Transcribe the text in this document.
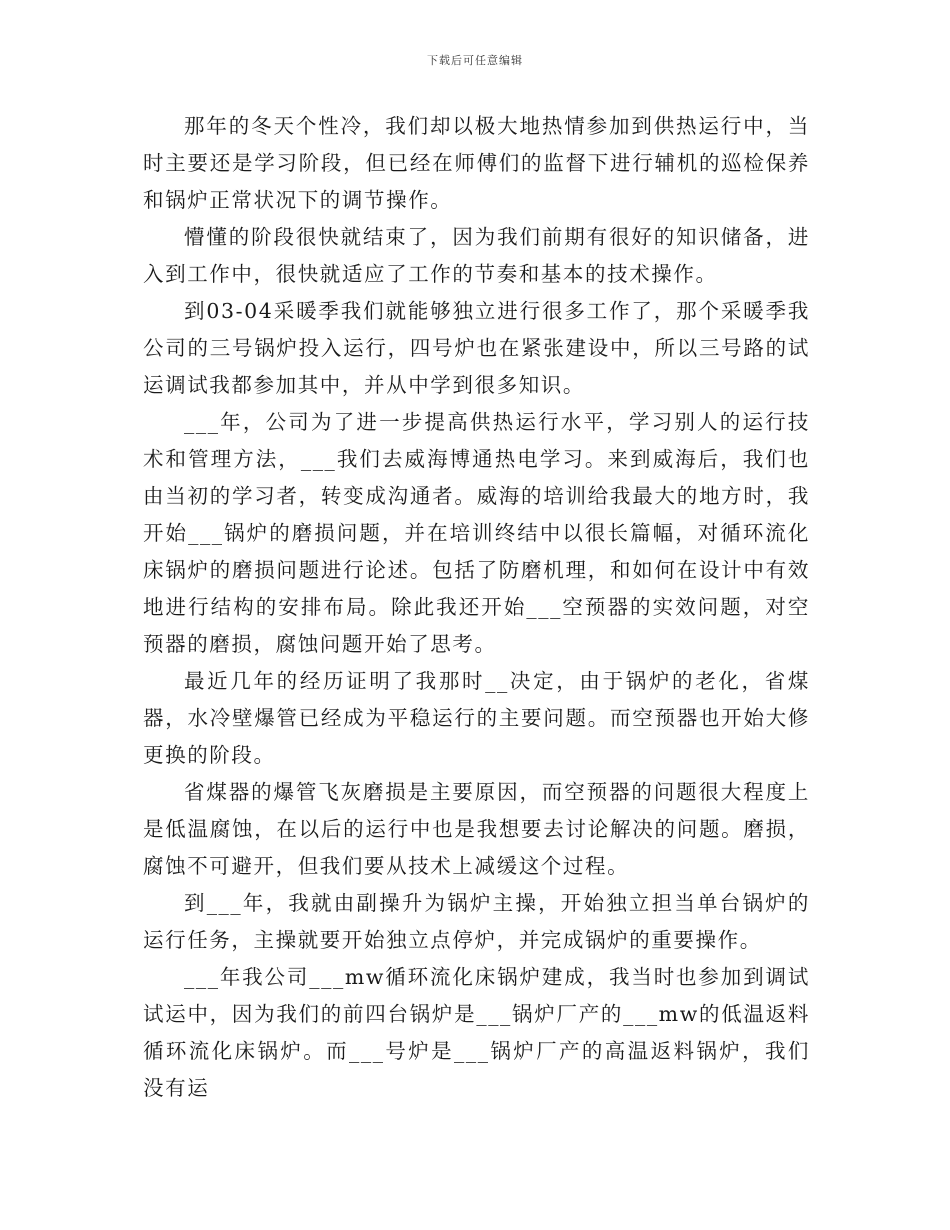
下载后可任意编辑

那年的冬天个性冷，我们却以极大地热情参加到供热运行中，当时主要还是学习阶段，但已经在师傅们的监督下进行辅机的巡检保养和锅炉正常状况下的调节操作。

懵懂的阶段很快就结束了，因为我们前期有很好的知识储备，进入到工作中，很快就适应了工作的节奏和基本的技术操作。

到03-04采暖季我们就能够独立进行很多工作了，那个采暖季我公司的三号锅炉投入运行，四号炉也在紧张建设中，所以三号路的试运调试我都参加其中，并从中学到很多知识。

___年，公司为了进一步提高供热运行水平，学习别人的运行技术和管理方法，___我们去威海博通热电学习。来到威海后，我们也由当初的学习者，转变成沟通者。威海的培训给我最大的地方时，我开始___锅炉的磨损问题，并在培训终结中以很长篇幅，对循环流化床锅炉的磨损问题进行论述。包括了防磨机理，和如何在设计中有效地进行结构的安排布局。除此我还开始___空预器的实效问题，对空预器的磨损，腐蚀问题开始了思考。

最近几年的经历证明了我那时__决定，由于锅炉的老化，省煤器，水冷壁爆管已经成为平稳运行的主要问题。而空预器也开始大修更换的阶段。

省煤器的爆管飞灰磨损是主要原因，而空预器的问题很大程度上是低温腐蚀，在以后的运行中也是我想要去讨论解决的问题。磨损，腐蚀不可避开，但我们要从技术上减缓这个过程。

到___年，我就由副操升为锅炉主操，开始独立担当单台锅炉的运行任务，主操就要开始独立点停炉，并完成锅炉的重要操作。

___年我公司___mw循环流化床锅炉建成，我当时也参加到调试试运中，因为我们的前四台锅炉是___锅炉厂产的___mw的低温返料循环流化床锅炉。而___号炉是___锅炉厂产的高温返料锅炉，我们没有运
